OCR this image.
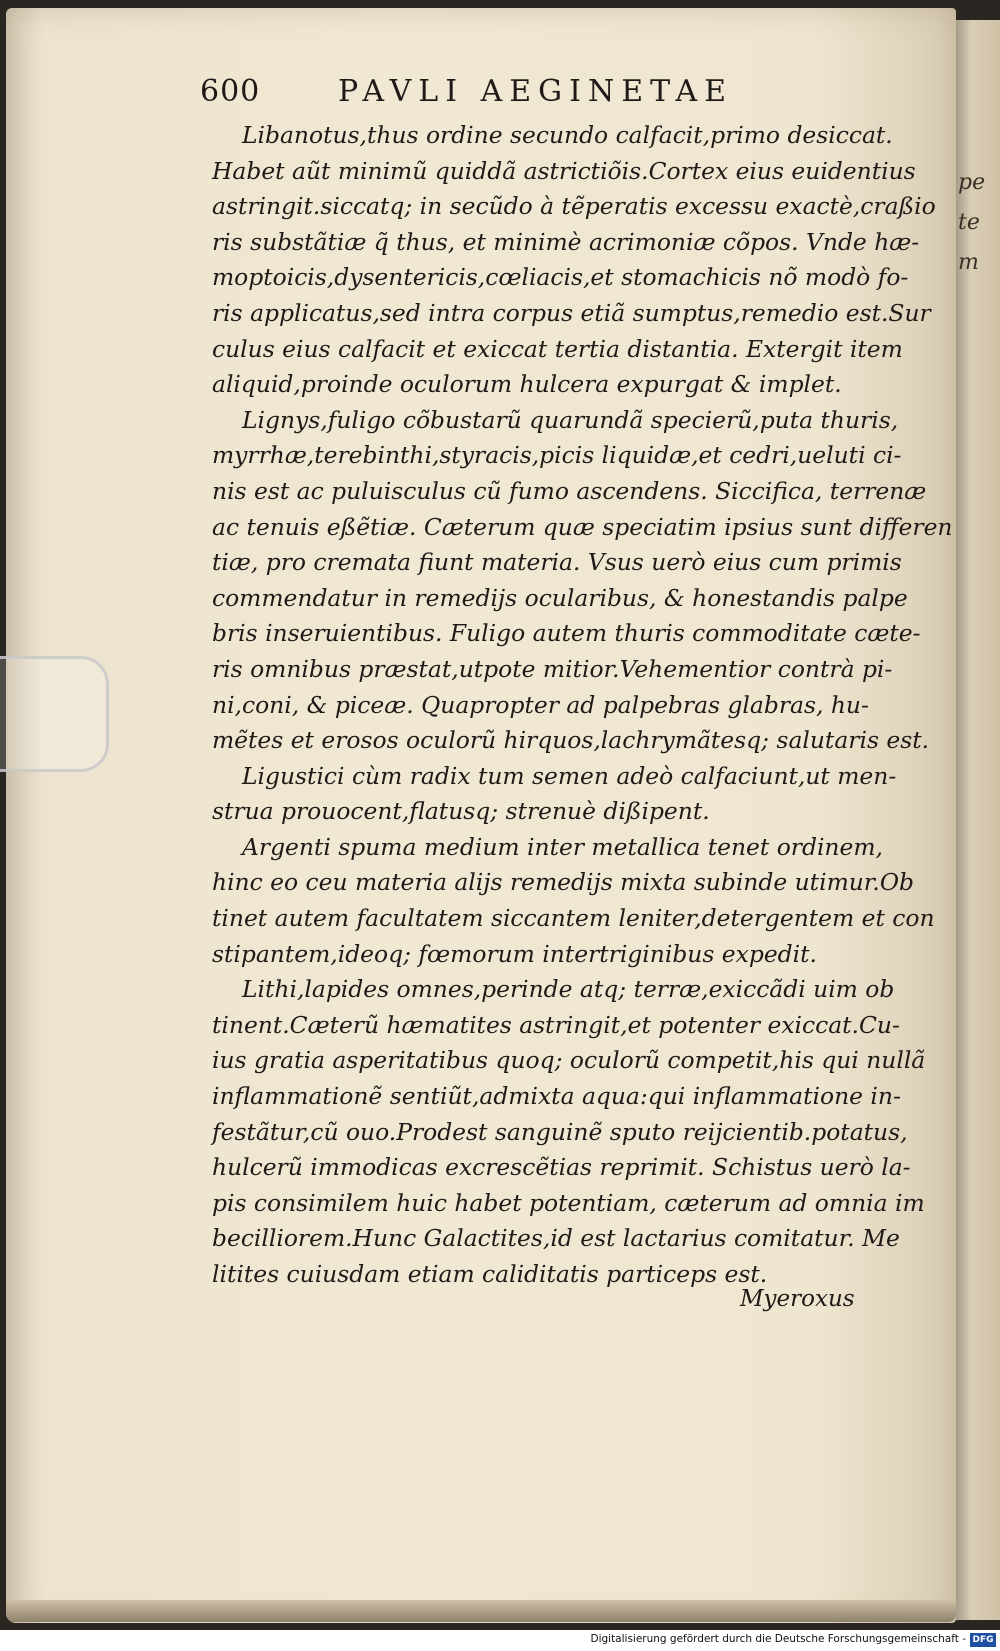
pe
te
m
600	PAVLI AEGINETAE

Libanotus,thus ordine secundo calfacit,primo desiccat.
Habet aũt minimũ quiddã astrictiõis.Cortex eius euidentius
astringit.siccatq; in secũdo à tẽperatis excessu exactè,craßio
ris substãtiæ q̃ thus, et minimè acrimoniæ cõpos. Vnde hæ-
moptoicis,dysentericis,cœliacis,et stomachicis nõ modò fo-
ris applicatus,sed intra corpus etiã sumptus,remedio est.Sur
culus eius calfacit et exiccat tertia distantia. Extergit item
aliquid,proinde oculorum hulcera expurgat & implet.

Lignys,fuligo cõbustarũ quarundã specierũ,puta thuris,
myrrhæ,terebinthi,styracis,picis liquidæ,et cedri,ueluti ci-
nis est ac puluisculus cũ fumo ascendens. Siccifica, terrenæ
ac tenuis eßẽtiæ. Cæterum quæ speciatim ipsius sunt differen
tiæ, pro cremata fiunt materia. Vsus uerò eius cum primis
commendatur in remedijs ocularibus, & honestandis palpe
bris inseruientibus. Fuligo autem thuris commoditate cæte-
ris omnibus præstat,utpote mitior.Vehementior contrà pi-
ni,coni, & piceæ. Quapropter ad palpebras glabras, hu-
mẽtes et erosos oculorũ hirquos,lachrymãtesq; salutaris est.

Ligustici cùm radix tum semen adeò calfaciunt,ut men-
strua prouocent,flatusq; strenuè dißipent.

Argenti spuma medium inter metallica tenet ordinem,
hinc eo ceu materia alijs remedijs mixta subinde utimur.Ob
tinet autem facultatem siccantem leniter,detergentem et con
stipantem,ideoq; fœmorum intertriginibus expedit.

Lithi,lapides omnes,perinde atq; terræ,exiccãdi uim ob
tinent.Cæterũ hæmatites astringit,et potenter exiccat.Cu-
ius gratia asperitatibus quoq; oculorũ competit,his qui nullã
inflammationẽ sentiũt,admixta aqua:qui inflammatione in-
festãtur,cũ ouo.Prodest sanguinẽ sputo reijcientib.potatus,
hulcerũ immodicas excrescẽtias reprimit. Schistus uerò la-
pis consimilem huic habet potentiam, cæterum ad omnia im
becilliorem.Hunc Galactites,id est lactarius comitatur. Me
litites cuiusdam etiam caliditatis particeps est.

Myeroxus
Digitalisierung gefördert durch die Deutsche Forschungsgemeinschaft - DFG
